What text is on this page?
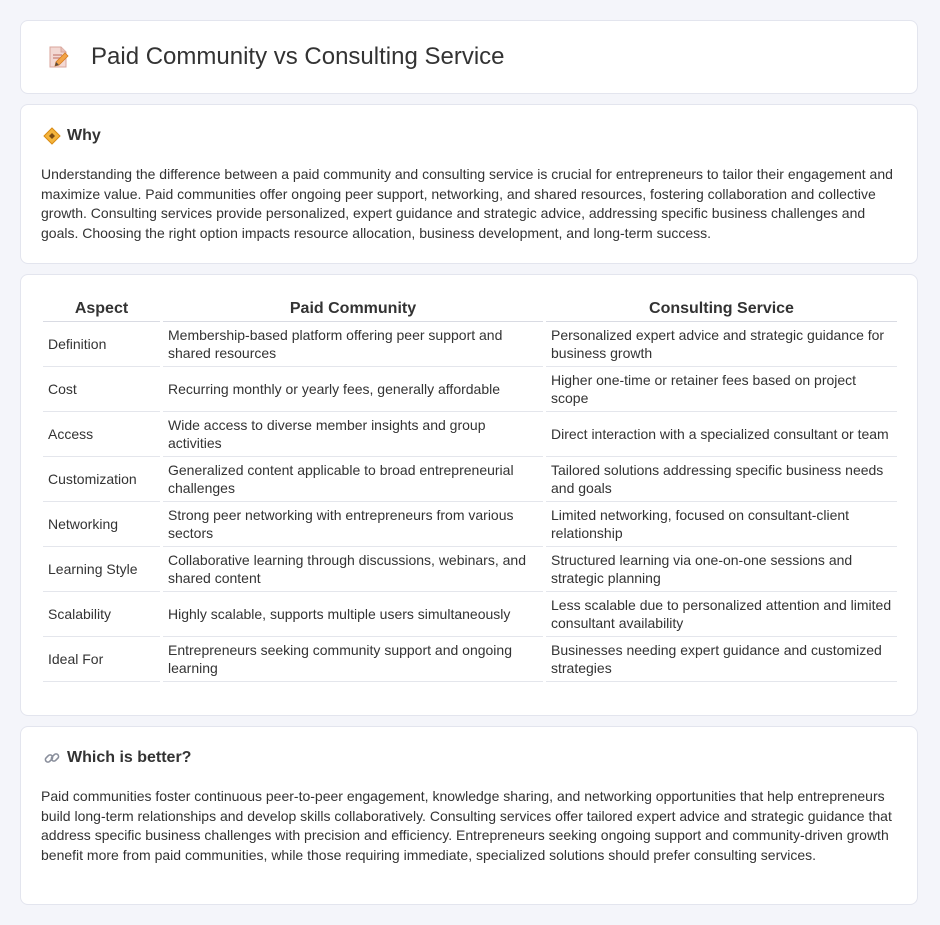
Paid Community vs Consulting Service
Why

Understanding the difference between a paid community and consulting service is crucial for entrepreneurs to tailor their engagement and maximize value. Paid communities offer ongoing peer support, networking, and shared resources, fostering collaboration and collective growth. Consulting services provide personalized, expert guidance and strategic advice, addressing specific business challenges and goals. Choosing the right option impacts resource allocation, business development, and long-term success.

Aspect	Paid Community	Consulting Service
Definition	Membership-based platform offering peer support and shared resources	Personalized expert advice and strategic guidance for business growth
Cost	Recurring monthly or yearly fees, generally affordable	Higher one-time or retainer fees based on project scope
Access	Wide access to diverse member insights and group activities	Direct interaction with a specialized consultant or team
Customization	Generalized content applicable to broad entrepreneurial challenges	Tailored solutions addressing specific business needs and goals
Networking	Strong peer networking with entrepreneurs from various sectors	Limited networking, focused on consultant-client relationship
Learning Style	Collaborative learning through discussions, webinars, and shared content	Structured learning via one-on-one sessions and strategic planning
Scalability	Highly scalable, supports multiple users simultaneously	Less scalable due to personalized attention and limited consultant availability
Ideal For	Entrepreneurs seeking community support and ongoing learning	Businesses needing expert guidance and customized strategies
Which is better?

Paid communities foster continuous peer-to-peer engagement, knowledge sharing, and networking opportunities that help entrepreneurs build long-term relationships and develop skills collaboratively. Consulting services offer tailored expert advice and strategic guidance that address specific business challenges with precision and efficiency. Entrepreneurs seeking ongoing support and community-driven growth benefit more from paid communities, while those requiring immediate, specialized solutions should prefer consulting services.
